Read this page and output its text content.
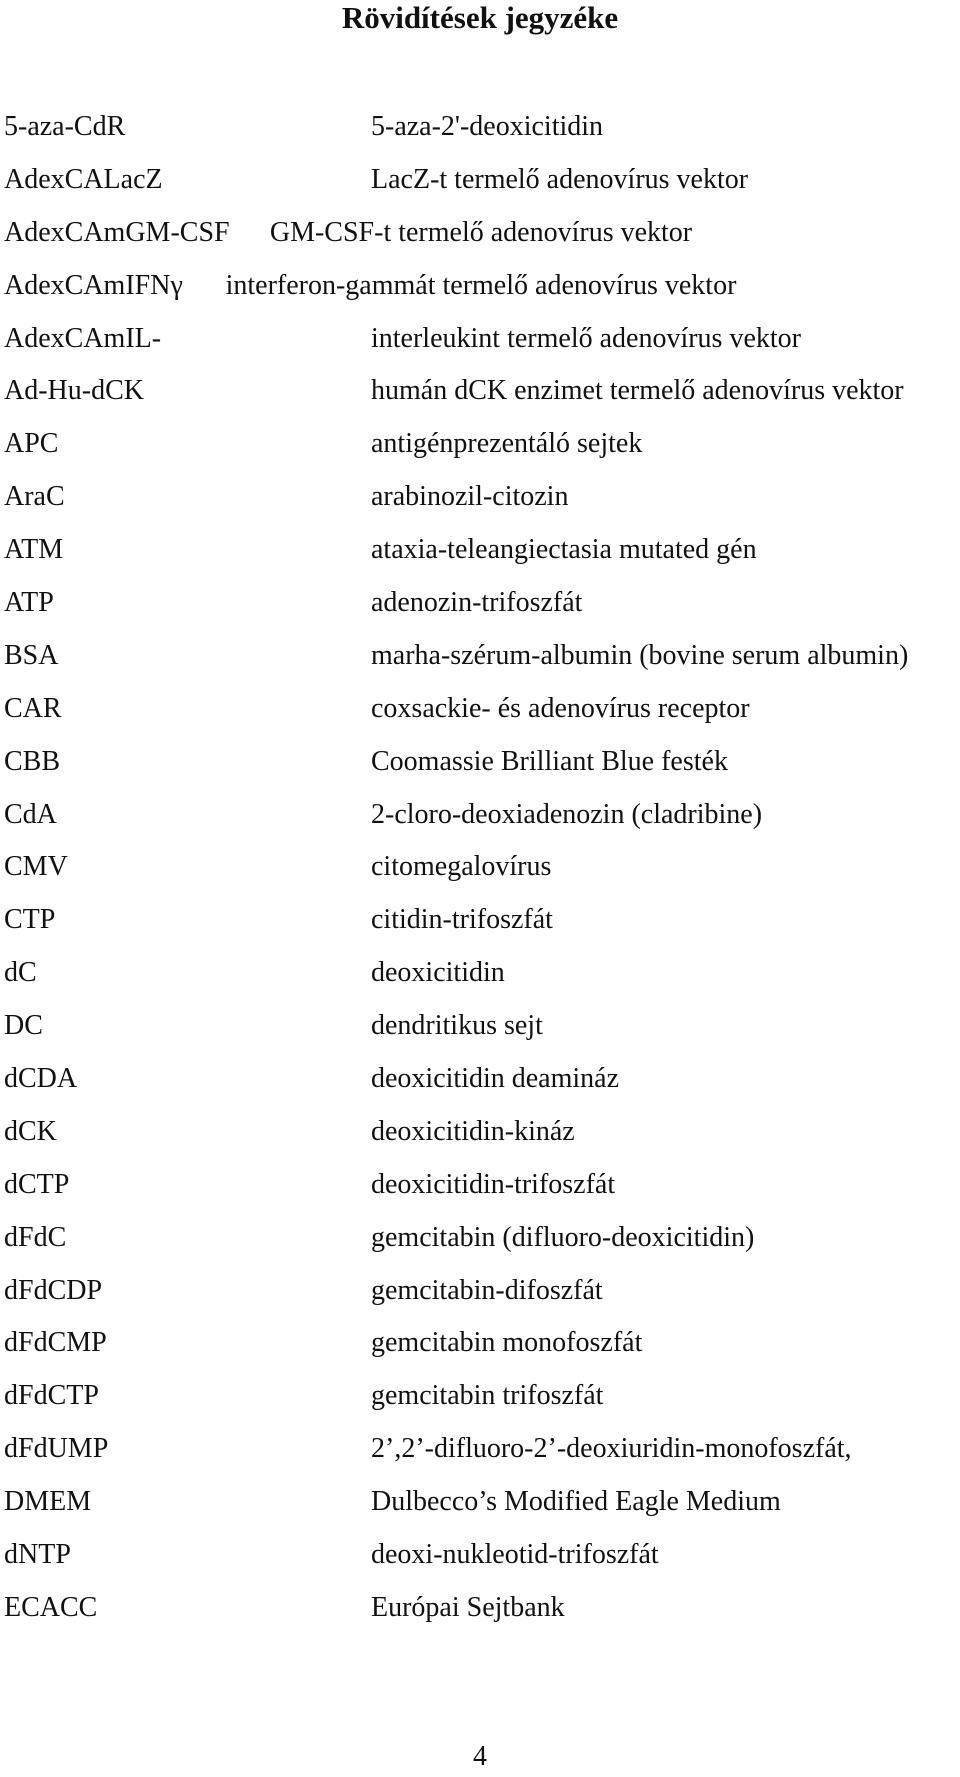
Rövidítések jegyzéke
5-aza-CdR	5-aza-2'-deoxicitidin
AdexCALacZ	LacZ-t termelő adenovírus vektor
AdexCAmGM-CSF	GM-CSF-t termelő adenovírus vektor
AdexCAmIFNγ	interferon-gammát termelő adenovírus vektor
AdexCAmIL-	interleukint termelő adenovírus vektor
Ad-Hu-dCK	humán dCK enzimet termelő adenovírus vektor
APC	antigénprezentáló sejtek
AraC	arabinozil-citozin
ATM	ataxia-teleangiectasia mutated gén
ATP	adenozin-trifoszfát
BSA	marha-szérum-albumin (bovine serum albumin)
CAR	coxsackie- és adenovírus receptor
CBB	Coomassie Brilliant Blue festék
CdA	2-cloro-deoxiadenozin (cladribine)
CMV	citomegalovírus
CTP	citidin-trifoszfát
dC	deoxicitidin
DC	dendritikus sejt
dCDA	deoxicitidin deamináz
dCK	deoxicitidin-kináz
dCTP	deoxicitidin-trifoszfát
dFdC	gemcitabin (difluoro-deoxicitidin)
dFdCDP	gemcitabin-difoszfát
dFdCMP	gemcitabin monofoszfát
dFdCTP	gemcitabin trifoszfát
dFdUMP	2’,2’-difluoro-2’-deoxiuridin-monofoszfát,
DMEM	Dulbecco’s Modified Eagle Medium
dNTP	deoxi-nukleotid-trifoszfát
ECACC	Európai Sejtbank
4
